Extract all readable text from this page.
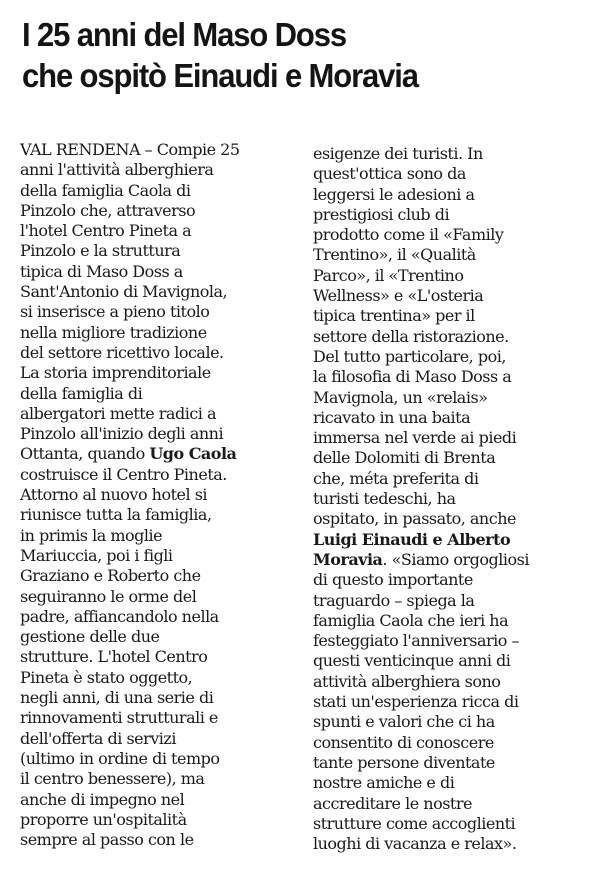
I 25 anni del Maso Doss
che ospitò Einaudi e Moravia
VAL RENDENA – Compie 25
anni l'attività alberghiera
della famiglia Caola di
Pinzolo che, attraverso
l'hotel Centro Pineta a
Pinzolo e la struttura
tipica di Maso Doss a
Sant'Antonio di Mavignola,
si inserisce a pieno titolo
nella migliore tradizione
del settore ricettivo locale.
La storia imprenditoriale
della famiglia di
albergatori mette radici a
Pinzolo all'inizio degli anni
Ottanta, quando Ugo Caola
costruisce il Centro Pineta.
Attorno al nuovo hotel si
riunisce tutta la famiglia,
in primis la moglie
Mariuccia, poi i figli
Graziano e Roberto che
seguiranno le orme del
padre, affiancandolo nella
gestione delle due
strutture. L'hotel Centro
Pineta è stato oggetto,
negli anni, di una serie di
rinnovamenti strutturali e
dell'offerta di servizi
(ultimo in ordine di tempo
il centro benessere), ma
anche di impegno nel
proporre un'ospitalità
sempre al passo con le
esigenze dei turisti. In
quest'ottica sono da
leggersi le adesioni a
prestigiosi club di
prodotto come il «Family
Trentino», il «Qualità
Parco», il «Trentino
Wellness» e «L'osteria
tipica trentina» per il
settore della ristorazione.
Del tutto particolare, poi,
la filosofia di Maso Doss a
Mavignola, un «relais»
ricavato in una baita
immersa nel verde ai piedi
delle Dolomiti di Brenta
che, méta preferita di
turisti tedeschi, ha
ospitato, in passato, anche
Luigi Einaudi e Alberto
Moravia. «Siamo orgogliosi
di questo importante
traguardo – spiega la
famiglia Caola che ieri ha
festeggiato l'anniversario –
questi venticinque anni di
attività alberghiera sono
stati un'esperienza ricca di
spunti e valori che ci ha
consentito di conoscere
tante persone diventate
nostre amiche e di
accreditare le nostre
strutture come accoglienti
luoghi di vacanza e relax».
